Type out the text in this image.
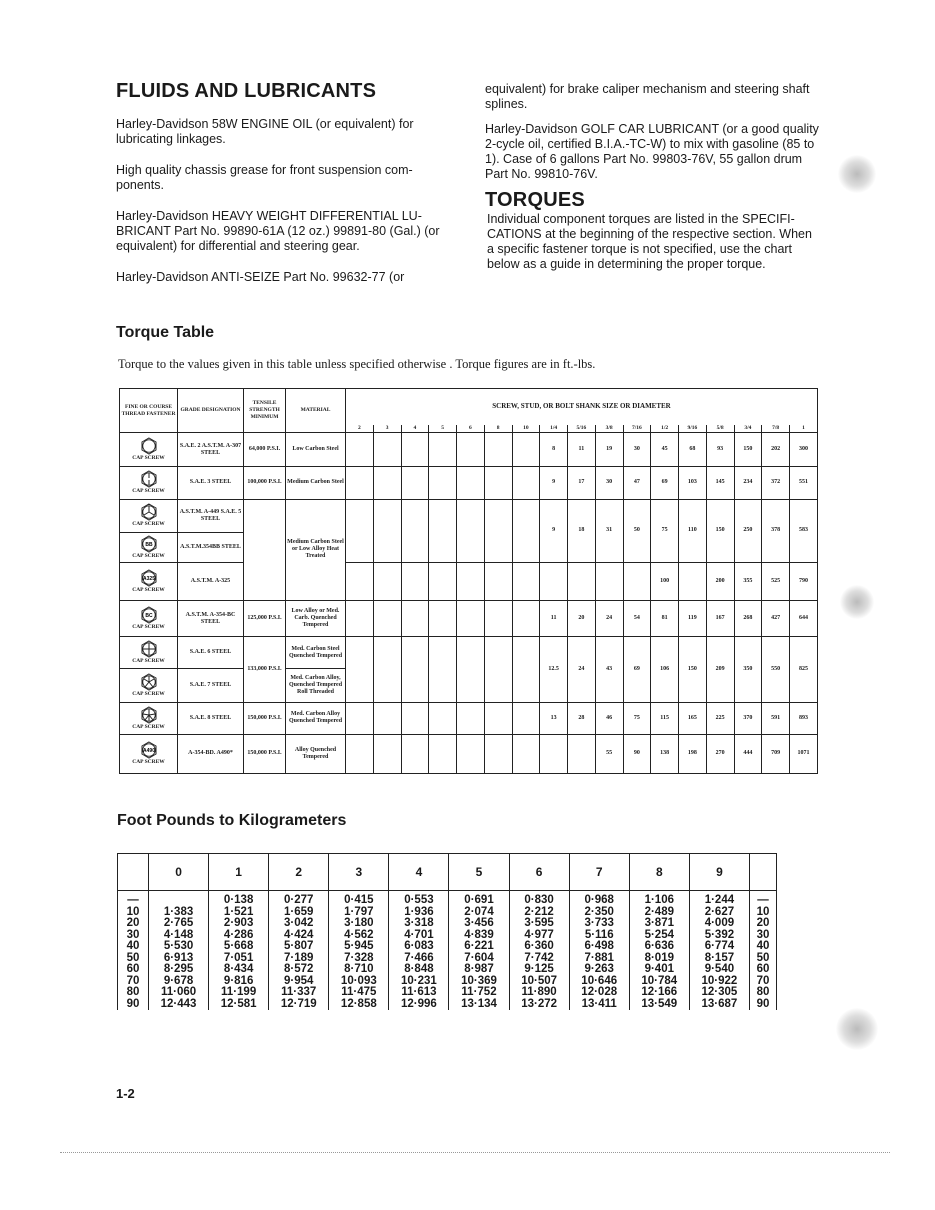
FLUIDS AND LUBRICANTS

Harley-Davidson 58W ENGINE OIL (or equivalent) for lubricating linkages.

High quality chassis grease for front suspension com- ponents.

Harley-Davidson HEAVY WEIGHT DIFFERENTIAL LU- BRICANT Part No. 99890-61A (12 oz.) 99891-80 (Gal.) (or equivalent) for differential and steering gear.

Harley-Davidson ANTI-SEIZE Part No. 99632-77 (or

equivalent) for brake caliper mechanism and steering shaft splines.

Harley-Davidson GOLF CAR LUBRICANT (or a good quality 2-cycle oil, certified B.I.A.-TC-W) to mix with gasoline (85 to 1). Case of 6 gallons Part No. 99803-76V, 55 gallon drum Part No. 99810-76V.

TORQUES

Individual component torques are listed in the SPECIFI- CATIONS at the beginning of the respective section. When a specific fastener torque is not specified, use the chart below as a guide in determining the proper torque.

Torque Table
Torque to the values given in this table unless specified otherwise . Torque figures are in ft.-lbs.
FINE OR COURSE THREAD FASTENER	GRADE DESIGNATION	TENSILE STRENGTH MINIMUM	MATERIAL	SCREW, STUD, OR BOLT SHANK SIZE OR DIAMETER																
				2	3	4	5	6	8	10	1/4	5/16	3/8	7/16	1/2	9/16	5/8	3/4	7/8	1

CAP SCREW	S.A.E. 2 A.S.T.M. A-307 STEEL	64,000 P.S.I.	Low Carbon Steel								8	11	19	30	45	68	93	150	202	300

CAP SCREW	S.A.E. 3 STEEL	100,000 P.S.I.	Medium Carbon Steel								9	17	30	47	69	103	145	234	372	551

CAP SCREW	A.S.T.M. A-449 S.A.E. 5 STEEL		Medium Carbon Steel or Low Alloy Heat Treated								9	18	31	50	75	110	150	250	378	583

BB
CAP SCREW	A.S.T.M.354BB STEEL																			

A325
CAP SCREW	A.S.T.M. A-325														100		200	355	525	790

BC
CAP SCREW	A.S.T.M. A-354-BC STEEL	125,000 P.S.I.	Low Alloy or Med. Carb. Quenched Tempered								11	20	24	54	81	119	167	268	427	644

CAP SCREW	S.A.E. 6 STEEL	133,000 P.S.I.	Med. Carbon Steel Quenched Tempered								12.5	24	43	69	106	150	209	350	550	825

CAP SCREW	S.A.E. 7 STEEL		Med. Carbon Alloy, Quenched Tempered Roll Threaded																	

CAP SCREW	S.A.E. 8 STEEL	150,000 P.S.I.	Med. Carbon Alloy Quenched Tempered								13	28	46	75	115	165	225	370	591	893

A490
CAP SCREW	A-354-BD. A490*	150,000 P.S.I.	Alloy Quenched Tempered										55	90	138	198	270	444	709	1071
Foot Pounds to Kilogrameters
	0	1	2	3	4	5	6	7	8	9	
—		0·138	0·277	0·415	0·553	0·691	0·830	0·968	1·106	1·244	—
10	1·383	1·521	1·659	1·797	1·936	2·074	2·212	2·350	2·489	2·627	10
20	2·765	2·903	3·042	3·180	3·318	3·456	3·595	3·733	3·871	4·009	20
30	4·148	4·286	4·424	4·562	4·701	4·839	4·977	5·116	5·254	5·392	30
40	5·530	5·668	5·807	5·945	6·083	6·221	6·360	6·498	6·636	6·774	40
50	6·913	7·051	7·189	7·328	7·466	7·604	7·742	7·881	8·019	8·157	50
60	8·295	8·434	8·572	8·710	8·848	8·987	9·125	9·263	9·401	9·540	60
70	9·678	9·816	9·954	10·093	10·231	10·369	10·507	10·646	10·784	10·922	70
80	11·060	11·199	11·337	11·475	11·613	11·752	11·890	12·028	12·166	12·305	80
90	12·443	12·581	12·719	12·858	12·996	13·134	13·272	13·411	13·549	13·687	90
1-2
